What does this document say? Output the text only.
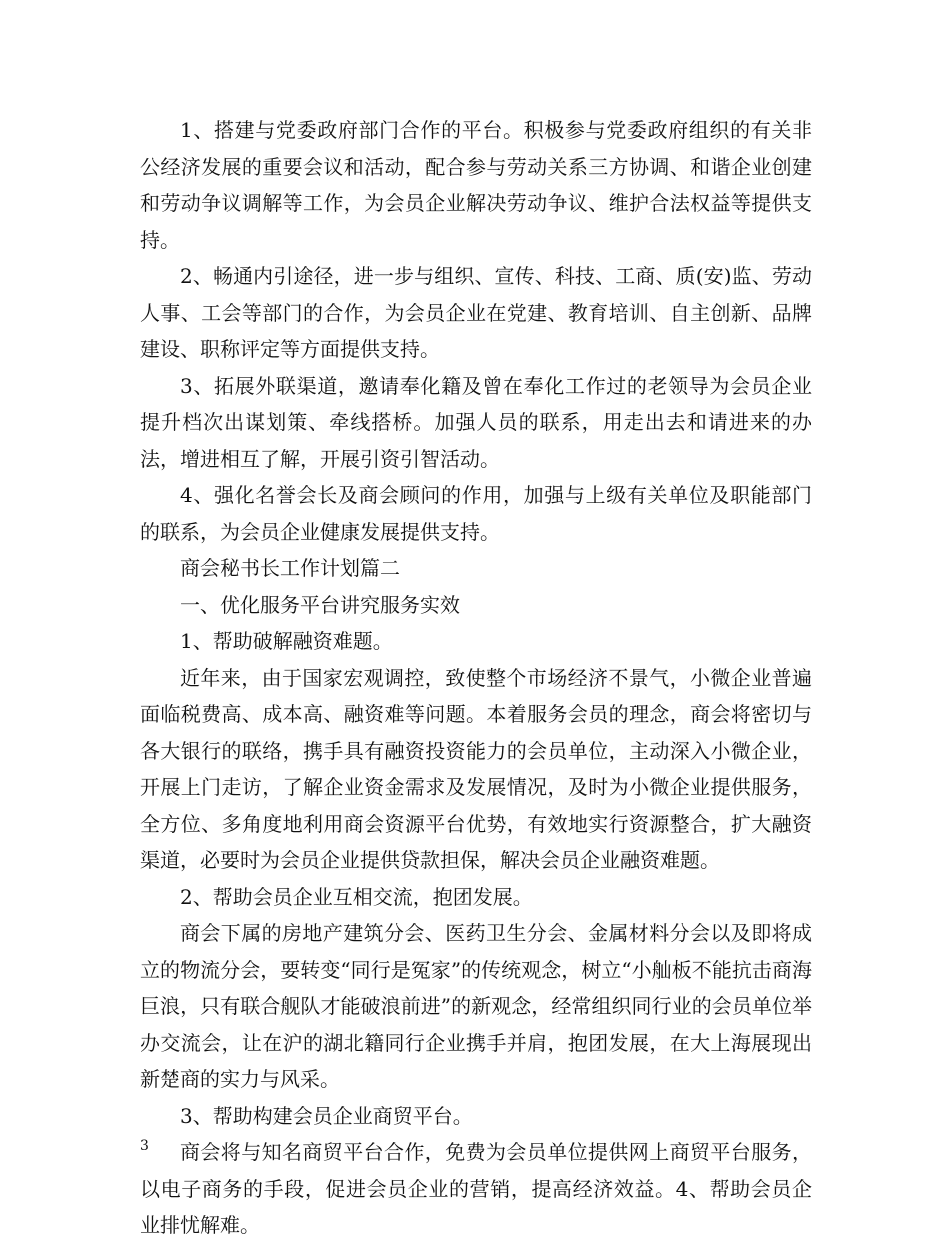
1、搭建与党委政府部门合作的平台。积极参与党委政府组织的有关非公经济发展的重要会议和活动，配合参与劳动关系三方协调、和谐企业创建和劳动争议调解等工作，为会员企业解决劳动争议、维护合法权益等提供支持。

2、畅通内引途径，进一步与组织、宣传、科技、工商、质(安)监、劳动人事、工会等部门的合作，为会员企业在党建、教育培训、自主创新、品牌建设、职称评定等方面提供支持。

3、拓展外联渠道，邀请奉化籍及曾在奉化工作过的老领导为会员企业提升档次出谋划策、牵线搭桥。加强人员的联系，用走出去和请进来的办法，增进相互了解，开展引资引智活动。

4、强化名誉会长及商会顾问的作用，加强与上级有关单位及职能部门的联系，为会员企业健康发展提供支持。

商会秘书长工作计划篇二

一、优化服务平台讲究服务实效

1、帮助破解融资难题。

近年来，由于国家宏观调控，致使整个市场经济不景气，小微企业普遍面临税费高、成本高、融资难等问题。本着服务会员的理念，商会将密切与各大银行的联络，携手具有融资投资能力的会员单位，主动深入小微企业，开展上门走访，了解企业资金需求及发展情况，及时为小微企业提供服务，全方位、多角度地利用商会资源平台优势，有效地实行资源整合，扩大融资渠道，必要时为会员企业提供贷款担保，解决会员企业融资难题。

2、帮助会员企业互相交流，抱团发展。

商会下属的房地产建筑分会、医药卫生分会、金属材料分会以及即将成立的物流分会，要转变“同行是冤家”的传统观念，树立“小舢板不能抗击商海巨浪，只有联合舰队才能破浪前进”的新观念，经常组织同行业的会员单位举办交流会，让在沪的湖北籍同行企业携手并肩，抱团发展，在大上海展现出新楚商的实力与风采。

3、帮助构建会员企业商贸平台。

商会将与知名商贸平台合作，免费为会员单位提供网上商贸平台服务，以电子商务的手段，促进会员企业的营销，提高经济效益。4、帮助会员企业排忧解难。

3
